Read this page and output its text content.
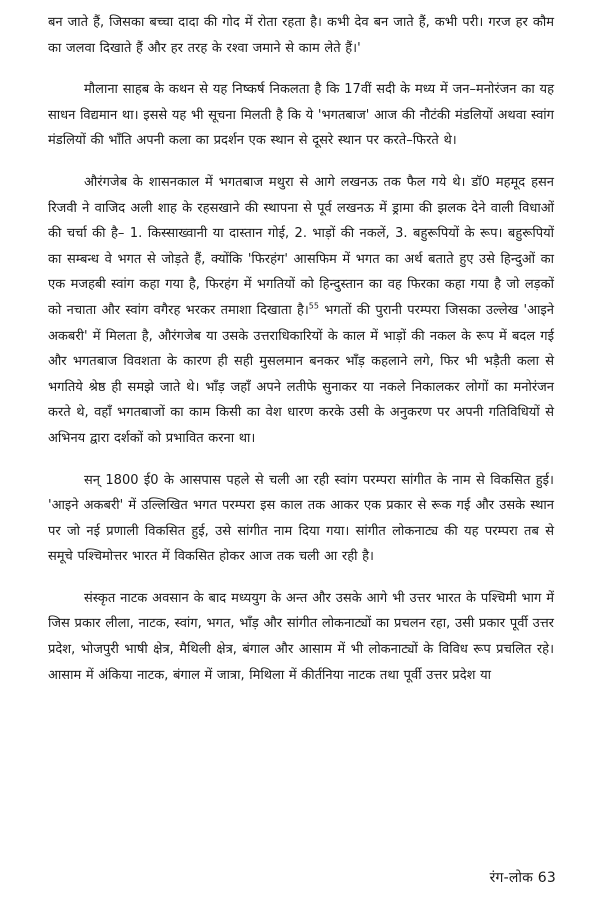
बन जाते हैं, जिसका बच्चा दादा की गोद में रोता रहता है। कभी देव बन जाते हैं, कभी परी। गरज हर कौम का जलवा दिखाते हैं और हर तरह के रश्वा जमाने से काम लेते हैं।'

मौलाना साहब के कथन से यह निष्कर्ष निकलता है कि 17वीं सदी के मध्य में जन–मनोरंजन का यह साधन विद्यमान था। इससे यह भी सूचना मिलती है कि ये 'भगतबाज' आज की नौटंकी मंडलियों अथवा स्वांग मंडलियों की भाँति अपनी कला का प्रदर्शन एक स्थान से दूसरे स्थान पर करते–फिरते थे।

औरंगजेब के शासनकाल में भगतबाज मथुरा से आगे लखनऊ तक फैल गये थे। डॉ0 महमूद हसन रिजवी ने वाजिद अली शाह के रहसखाने की स्थापना से पूर्व लखनऊ में ड्रामा की झलक देने वाली विधाओं की चर्चा की है– 1. किस्साख्वानी या दास्तान गोई, 2. भाड़ों की नकलें, 3. बहुरूपियों के रूप। बहुरूपियों का सम्बन्ध वे भगत से जोड़ते हैं, क्योंकि 'फिरहंग' आसफिम में भगत का अर्थ बताते हुए उसे हिन्दुओं का एक मजहबी स्वांग कहा गया है, फिरहंग में भगतियों को हिन्दुस्तान का वह फिरका कहा गया है जो लड़कों को नचाता और स्वांग वगैरह भरकर तमाशा दिखाता है।$^{55}$ भगतों की पुरानी परम्परा जिसका उल्लेख 'आइने अकबरी' में मिलता है, औरंगजेब या उसके उत्तराधिकारियों के काल में भाड़ों की नकल के रूप में बदल गई और भगतबाज विवशता के कारण ही सही मुसलमान बनकर भाँड़ कहलाने लगे, फिर भी भड़ैती कला से भगतिये श्रेष्ठ ही समझे जाते थे। भाँड़ जहाँ अपने लतीफे सुनाकर या नकले निकालकर लोगों का मनोरंजन करते थे, वहाँ भगतबाजों का काम किसी का वेश धारण करके उसी के अनुकरण पर अपनी गतिविधियों से अभिनय द्वारा दर्शकों को प्रभावित करना था।

सन् 1800 ई0 के आसपास पहले से चली आ रही स्वांग परम्परा सांगीत के नाम से विकसित हुई। 'आइने अकबरी' में उल्लिखित भगत परम्परा इस काल तक आकर एक प्रकार से रूक गई और उसके स्थान पर जो नई प्रणाली विकसित हुई, उसे सांगीत नाम दिया गया। सांगीत लोकनाट्य की यह परम्परा तब से समूचे पश्चिमोत्तर भारत में विकसित होकर आज तक चली आ रही है।

संस्कृत नाटक अवसान के बाद मध्ययुग के अन्त और उसके आगे भी उत्तर भारत के पश्चिमी भाग में जिस प्रकार लीला, नाटक, स्वांग, भगत, भाँड़ और सांगीत लोकनाट्यों का प्रचलन रहा, उसी प्रकार पूर्वी उत्तर प्रदेश, भोजपुरी भाषी क्षेत्र, मैथिली क्षेत्र, बंगाल और आसाम में भी लोकनाट्यों के विविध रूप प्रचलित रहे। आसाम में अंकिया नाटक, बंगाल में जात्रा, मिथिला में कीर्तनिया नाटक तथा पूर्वी उत्तर प्रदेश या

रंग-लोक 63
